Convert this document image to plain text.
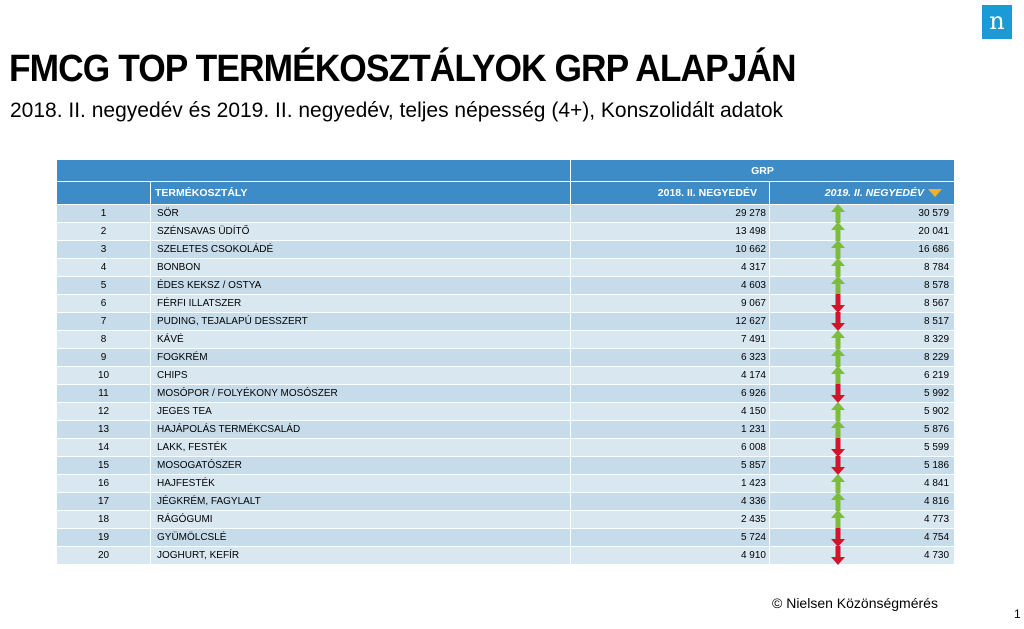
n
FMCG TOP TERMÉKOSZTÁLYOK GRP ALAPJÁN
2018. II. negyedév és 2019. II. negyedév, teljes népesség (4+), Konszolidált adatok
		GRP	
	TERMÉKOSZTÁLY	2018. II. NEGYEDÉV	2019. II. NEGYEDÉV

1	SÖR	29 278	30 579
2	SZÉNSAVAS ÜDÍTŐ	13 498	20 041
3	SZELETES CSOKOLÁDÉ	10 662	16 686
4	BONBON	4 317	8 784
5	ÉDES KEKSZ / OSTYA	4 603	8 578
6	FÉRFI ILLATSZER	9 067	8 567
7	PUDING, TEJALAPÚ DESSZERT	12 627	8 517
8	KÁVÉ	7 491	8 329
9	FOGKRÉM	6 323	8 229
10	CHIPS	4 174	6 219
11	MOSÓPOR / FOLYÉKONY MOSÓSZER	6 926	5 992
12	JEGES TEA	4 150	5 902
13	HAJÁPOLÁS TERMÉKCSALÁD	1 231	5 876
14	LAKK, FESTÉK	6 008	5 599
15	MOSOGATÓSZER	5 857	5 186
16	HAJFESTÉK	1 423	4 841
17	JÉGKRÉM, FAGYLALT	4 336	4 816
18	RÁGÓGUMI	2 435	4 773
19	GYÜMÖLCSLÉ	5 724	4 754
20	JOGHURT, KEFÍR	4 910	4 730
© Nielsen Közönségmérés
1
